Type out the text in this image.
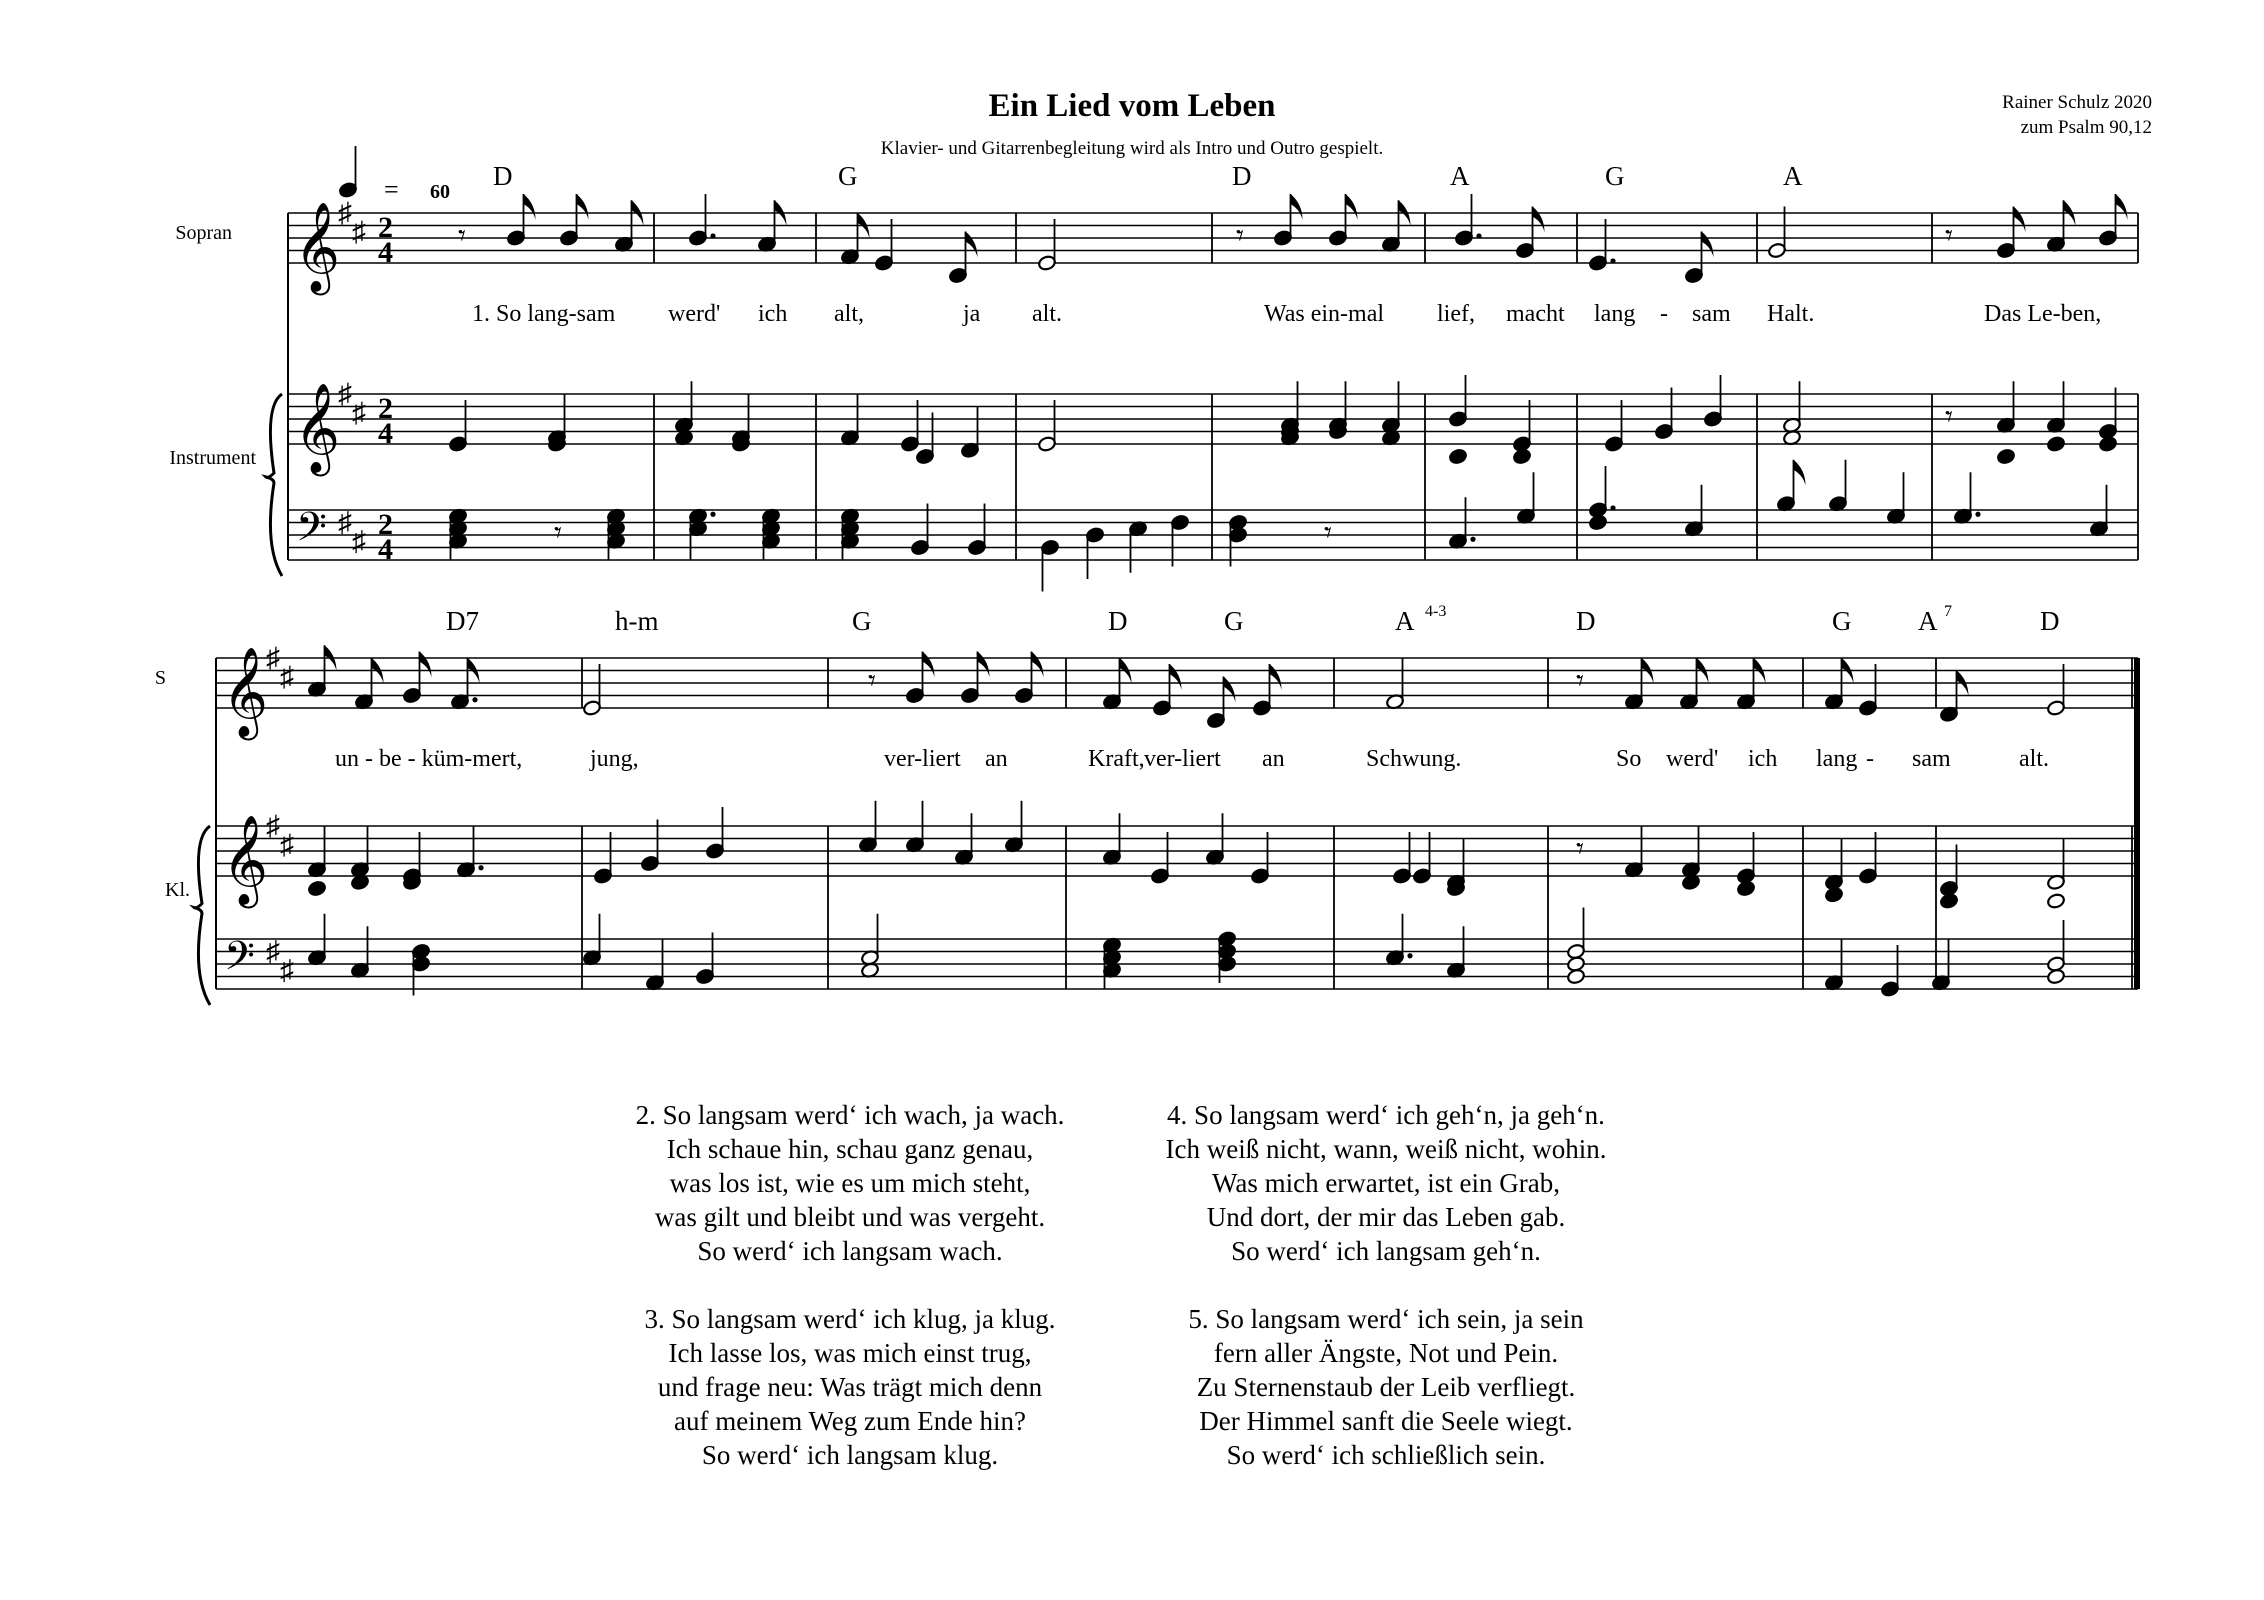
Ein Lied vom Leben
Klavier- und Gitarrenbegleitung wird als Intro und Outro gespielt.
Rainer Schulz 2020
zum Psalm 90,12
Sopran
Instrument
𝄞
𝄞
𝄢
♯
♯
♯
♯
♯
♯
2
4
2
4
2
4
D	G	D	A	G	A
1. So lang-sam werd' ich alt,	ja alt.	Was ein-mal lief, macht lang - sam Halt.	Das Le-ben,
𝄾	𝄾	𝄾
𝄾
𝄾	𝄾
= 60
S
Kl.
𝄞
𝄞
𝄢
♯
♯
♯
♯
♯
♯
D7	h-m	G	D	G	A 4-3	D	G A 7	D
un - be - küm-mert,	jung,	ver-liert an	Kraft, ver-liert an	Schwung.	So werd' ich lang - sam	alt.
𝄾	𝄾
𝄾
2. So langsam werd‘ ich wach, ja wach.
Ich schaue hin, schau ganz genau,
was los ist, wie es um mich steht,
was gilt und bleibt und was vergeht.
So werd‘ ich langsam wach.
3. So langsam werd‘ ich klug, ja klug.
Ich lasse los, was mich einst trug,
und frage neu: Was trägt mich denn
auf meinem Weg zum Ende hin?
So werd‘ ich langsam klug.
4. So langsam werd‘ ich geh‘n, ja geh‘n.
Ich weiß nicht, wann, weiß nicht, wohin.
Was mich erwartet, ist ein Grab,
Und dort, der mir das Leben gab.
So werd‘ ich langsam geh‘n.
5. So langsam werd‘ ich sein, ja sein
fern aller Ängste, Not und Pein.
Zu Sternenstaub der Leib verfliegt.
Der Himmel sanft die Seele wiegt.
So werd‘ ich schließlich sein.
